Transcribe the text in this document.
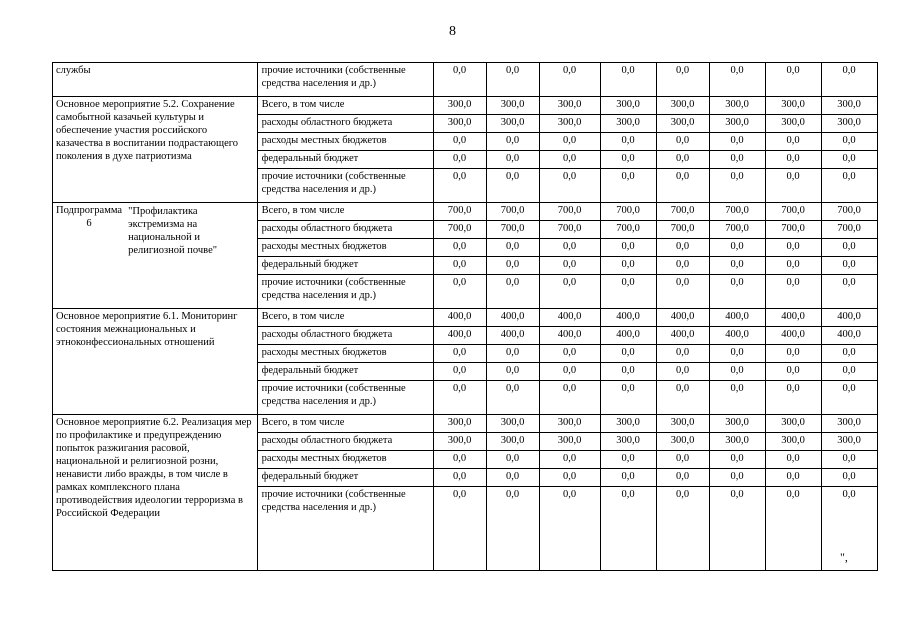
8
службы		прочие источники (собственные средства населения и др.)	0,0	0,0	0,0	0,0	0,0	0,0	0,0	0,0
Основное мероприятие 5.2. Сохранение самобытной казачьей культуры и обеспечение участия российского казачества в воспитании подрастающего поколения в духе патриотизма		Всего, в том числе	300,0	300,0	300,0	300,0	300,0	300,0	300,0	300,0
		расходы областного бюджета	300,0	300,0	300,0	300,0	300,0	300,0	300,0	300,0
		расходы местных бюджетов	0,0	0,0	0,0	0,0	0,0	0,0	0,0	0,0
		федеральный бюджет	0,0	0,0	0,0	0,0	0,0	0,0	0,0	0,0
		прочие источники (собственные средства населения и др.)	0,0	0,0	0,0	0,0	0,0	0,0	0,0	0,0
Подпрограмма 6	"Профилактика экстремизма на национальной и религиозной почве"	Всего, в том числе	700,0	700,0	700,0	700,0	700,0	700,0	700,0	700,0
		расходы областного бюджета	700,0	700,0	700,0	700,0	700,0	700,0	700,0	700,0
		расходы местных бюджетов	0,0	0,0	0,0	0,0	0,0	0,0	0,0	0,0
		федеральный бюджет	0,0	0,0	0,0	0,0	0,0	0,0	0,0	0,0
		прочие источники (собственные средства населения и др.)	0,0	0,0	0,0	0,0	0,0	0,0	0,0	0,0
Основное мероприятие 6.1. Мониторинг состояния межнациональных и этноконфессиональных отношений		Всего, в том числе	400,0	400,0	400,0	400,0	400,0	400,0	400,0	400,0
		расходы областного бюджета	400,0	400,0	400,0	400,0	400,0	400,0	400,0	400,0
		расходы местных бюджетов	0,0	0,0	0,0	0,0	0,0	0,0	0,0	0,0
		федеральный бюджет	0,0	0,0	0,0	0,0	0,0	0,0	0,0	0,0
		прочие источники (собственные средства населения и др.)	0,0	0,0	0,0	0,0	0,0	0,0	0,0	0,0
Основное мероприятие 6.2. Реализация мер по профилактике и предупреждению попыток разжигания расовой, национальной и религиозной розни, ненависти либо вражды, в том числе в рамках комплексного плана противодействия идеологии терроризма в Российской Федерации		Всего, в том числе	300,0	300,0	300,0	300,0	300,0	300,0	300,0	300,0
		расходы областного бюджета	300,0	300,0	300,0	300,0	300,0	300,0	300,0	300,0
		расходы местных бюджетов	0,0	0,0	0,0	0,0	0,0	0,0	0,0	0,0
		федеральный бюджет	0,0	0,0	0,0	0,0	0,0	0,0	0,0	0,0
		прочие источники (собственные средства населения и др.)	0,0	0,0	0,0	0,0	0,0	0,0	0,0	0,0
",
